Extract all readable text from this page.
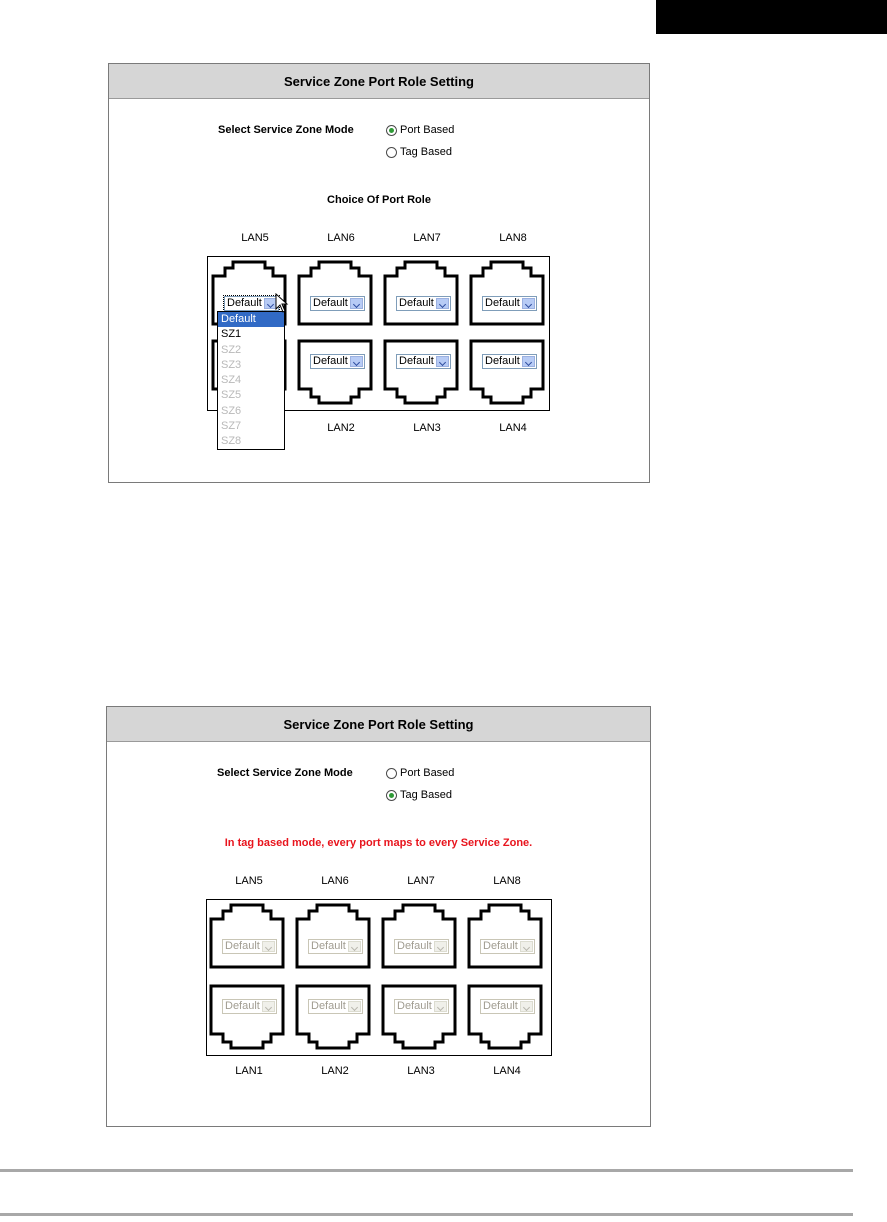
Service Zone Port Role Setting
Select Service Zone Mode	Port Based
Tag Based
Choice Of Port Role
LAN5	LAN6	LAN7	LAN8
Default	Default	Default	Default
Default	Default	Default
LAN2	LAN3	LAN4
Default
SZ1
SZ2
SZ3
SZ4
SZ5
SZ6
SZ7
SZ8
Service Zone Port Role Setting
Select Service Zone Mode	Port Based
Tag Based
In tag based mode, every port maps to every Service Zone.
LAN5	LAN6	LAN7	LAN8
Default	Default	Default	Default
Default	Default	Default	Default
LAN1	LAN2	LAN3	LAN4
